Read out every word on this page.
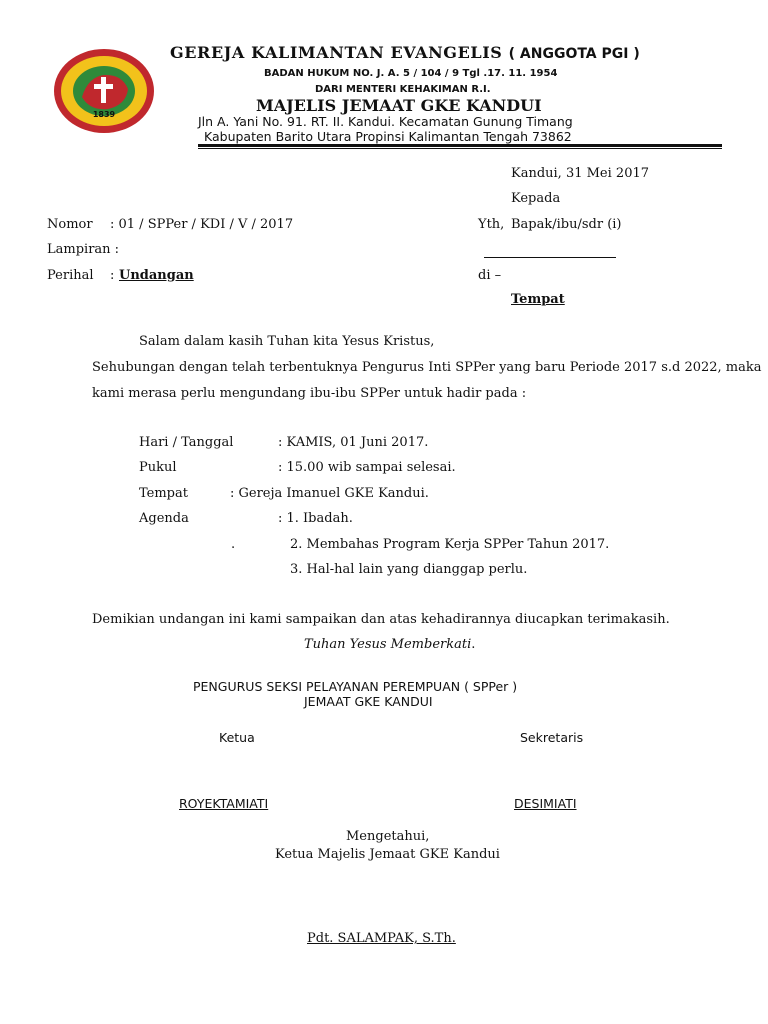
1839
GEREJA KALIMANTAN EVANGELIS ( ANGGOTA PGI )
BADAN HUKUM NO. J. A. 5 / 104 / 9 Tgl .17. 11. 1954
DARI MENTERI KEHAKIMAN R.I.
MAJELIS JEMAAT GKE KANDUI
Jln A. Yani No. 91. RT. II. Kandui. Kecamatan Gunung Timang
Kabupaten Barito Utara Propinsi Kalimantan Tengah 73862
Kandui, 31 Mei 2017
Kepada
Yth, Bapak/ibu/sdr (i)
di –
Tempat
Nomor : 01 / SPPer / KDI / V / 2017
Lampiran :
Perihal : Undangan
Salam dalam kasih Tuhan kita Yesus Kristus,
Sehubungan dengan telah terbentuknya Pengurus Inti SPPer yang baru Periode 2017 s.d 2022, maka
kami merasa perlu mengundang ibu-ibu SPPer untuk hadir pada :
Hari / Tanggal	: KAMIS, 01 Juni 2017.
Pukul	: 15.00 wib sampai selesai.
Tempat	: Gereja Imanuel GKE Kandui.
Agenda	: 1. Ibadah.
.	2. Membahas Program Kerja SPPer Tahun 2017.
3. Hal-hal lain yang dianggap perlu.
Demikian undangan ini kami sampaikan dan atas kehadirannya diucapkan terimakasih.
Tuhan Yesus Memberkati.
PENGURUS SEKSI PELAYANAN PEREMPUAN ( SPPer )
JEMAAT GKE KANDUI
Ketua	Sekretaris
ROYEKTAMIATI	DESIMIATI
Mengetahui,
Ketua Majelis Jemaat GKE Kandui
Pdt. SALAMPAK, S.Th.
